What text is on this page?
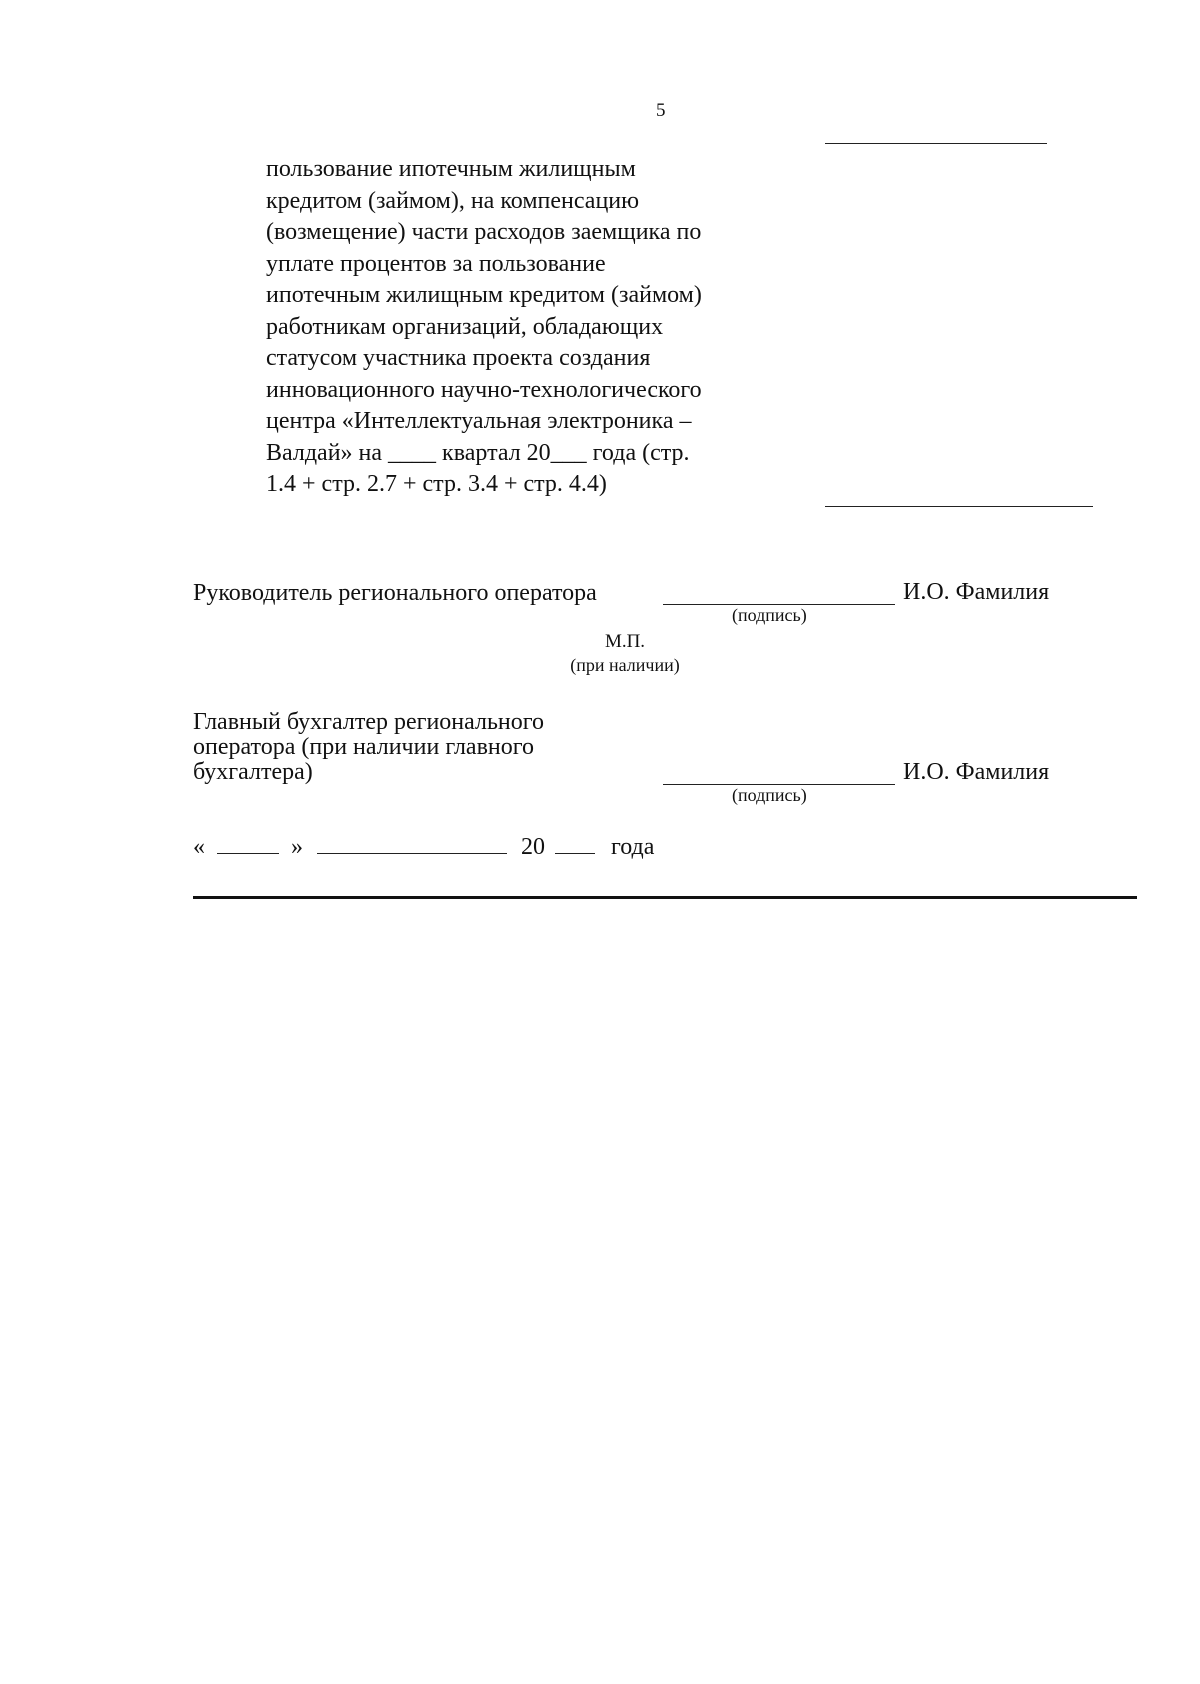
5
пользование ипотечным жилищным
кредитом (займом), на компенсацию
(возмещение) части расходов заемщика по
уплате процентов за пользование
ипотечным жилищным кредитом (займом)
работникам организаций, обладающих
статусом участника проекта создания
инновационного научно-технологического
центра «Интеллектуальная электроника –
Валдай» на ____ квартал 20___ года (стр.
1.4 + стр. 2.7 + стр. 3.4 + стр. 4.4)
Руководитель регионального оператора	И.О. Фамилия
(подпись)
М.П.
(при наличии)
Главный бухгалтер регионального
оператора (при наличии главного
бухгалтера)	И.О. Фамилия
(подпись)
«	»	20	года
